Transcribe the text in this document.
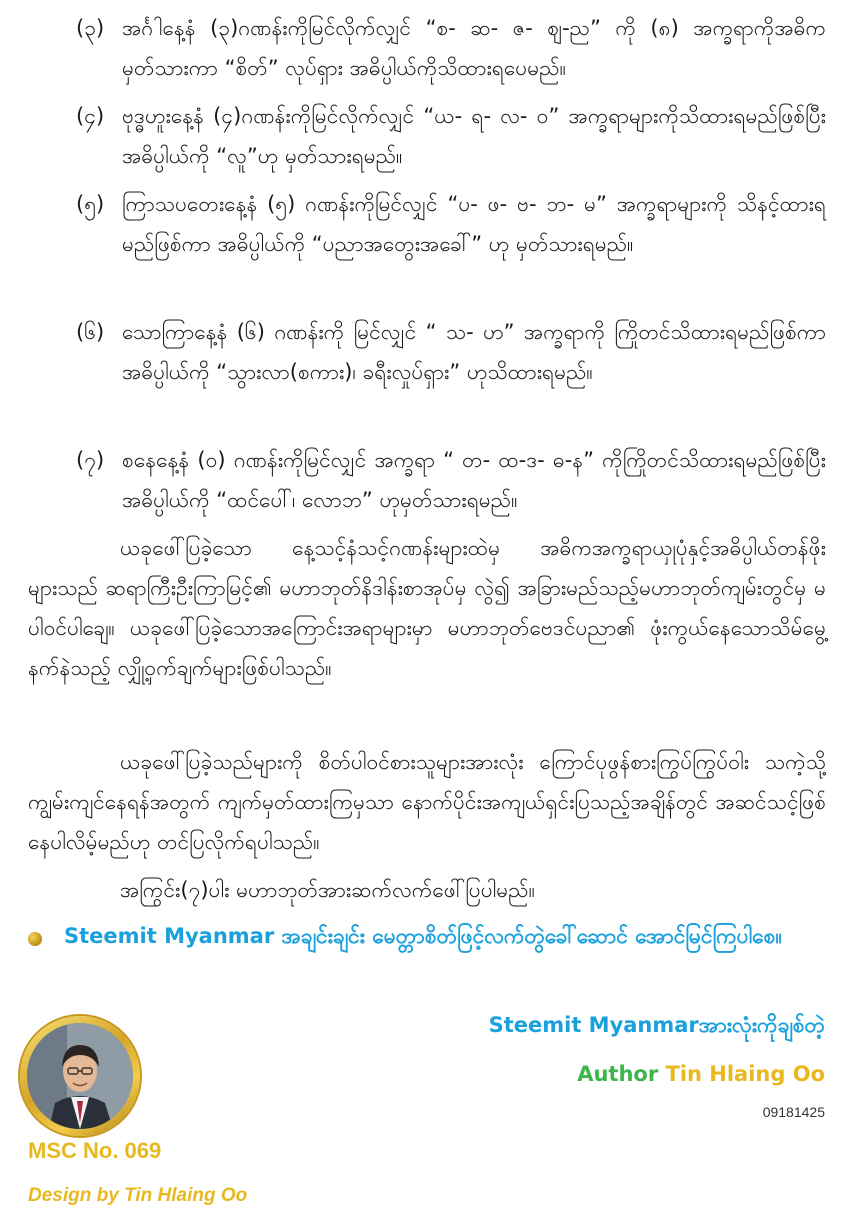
(၃) အင်္ဂါနေ့နံ (၃)ဂဏန်းကိုမြင်လိုက်လျှင် “စ- ဆ- ဇ- ဈ-ည” ကို (၈) အက္ခရာကိုအဓိကမှတ်သားကာ “စိတ်” လုပ်ရှား အဓိပ္ပါယ်ကိုသိထားရပေမည်။
(၄) ဗုဒ္ဓဟူးနေ့နံ (၄)ဂဏန်းကိုမြင်လိုက်လျှင် “ယ- ရ- လ- ဝ” အက္ခရာများကိုသိထားရမည်ဖြစ်ပြီး အဓိပ္ပါယ်ကို “လူ”ဟု မှတ်သားရမည်။
(၅) ကြာသပတေးနေ့နံ (၅) ဂဏန်းကိုမြင်လျှင် “ပ- ဖ- ဗ- ဘ- မ” အက္ခရာများကို သိနင့်ထားရမည်ဖြစ်ကာ အဓိပ္ပါယ်ကို “ပညာအတွေးအခေါ်” ဟု မှတ်သားရမည်။
(၆) သောကြာနေ့နံ (၆) ဂဏန်းကို မြင်လျှင် “ သ- ဟ” အက္ခရာကို ကြိုတင်သိထားရမည်ဖြစ်ကာ အဓိပ္ပါယ်ကို “သွားလာ(စကား)၊ ခရီးလှုပ်ရှား” ဟုသိထားရမည်။
(၇) စနေနေ့နံ (၀) ဂဏန်းကိုမြင်လျှင် အက္ခရာ “ တ- ထ-ဒ- ဓ-န” ကိုကြိုတင်သိထားရမည်ဖြစ်ပြီး အဓိပ္ပါယ်ကို “ထင်ပေါ်၊ လောဘ” ဟုမှတ်သားရမည်။
ယခုဖေါ်ပြခဲ့သော နေ့သင့်နံသင့်ဂဏန်းများထဲမှ အဓိကအက္ခရာယှုပုံနှင့်အဓိပ္ပါယ်တန်ဖိုးများသည် ဆရာကြီးဦးကြာမြင့်၏ မဟာဘုတ်နိဒါန်းစာအုပ်မှ လွဲ၍ အခြားမည်သည့်မဟာဘုတ်ကျမ်းတွင်မှ မပါဝင်ပါချေ။ ယခုဖေါ်ပြခဲ့သောအကြောင်းအရာများမှာ မဟာဘုတ်ဗေဒင်ပညာ၏ ဖုံးကွယ်နေသောသိမ်မွေ့နက်နဲသည့် လျှို့ဝှက်ချက်များဖြစ်ပါသည်။
ယခုဖေါ်ပြခဲ့သည်များကို စိတ်ပါဝင်စားသူများအားလုံး ကြောင်ပုဖွန်စားကြွပ်ကြွပ်ဝါး သကဲ့သို့ ကျွမ်းကျင်နေရန်အတွက် ကျက်မှတ်ထားကြမှသာ နောက်ပိုင်းအကျယ်ရှင်းပြသည့်အချိန်တွင် အဆင်သင့်ဖြစ်နေပါလိမ့်မည်ဟု တင်ပြလိုက်ရပါသည်။
အကြွင်း(၇)ပါး မဟာဘုတ်အားဆက်လက်ဖေါ်ပြပါမည်။
Steemit Myanmar အချင်းချင်း မေတ္တာစိတ်ဖြင့်လက်တွဲခေါ်ဆောင် အောင်မြင်ကြပါစေ။
Steemit Myanmarအားလုံးကိုချစ်တဲ့
Author Tin Hlaing Oo
09181425
MSC No. 069
Design by Tin Hlaing Oo
